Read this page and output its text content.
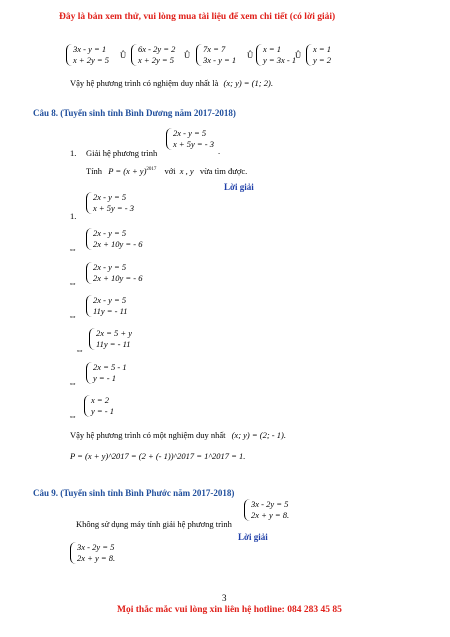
Đây là bản xem thử, vui lòng mua tài liệu để xem chi tiết (có lời giải)
3x - y = 1
x + 2y = 5 Û
6x - 2y = 2
x + 2y = 5 Û
7x = 7
3x - y = 1 Û
x = 1
y = 3x - 1
Û
x = 1
y = 2
Vậy hệ phương trình có nghiệm duy nhất là (x; y) = (1; 2).
Câu 8. (Tuyển sinh tỉnh Bình Dương năm 2017-2018)
1. Giải hệ phương trình
2x - y = 5
x + 5y = - 3
.
Tính $P = (x + y)^{2017}$ với x , y vừa tìm được.
Lời giải
1.
2x - y = 5
x + 5y = - 3
⇔
2x - y = 5
2x + 10y = - 6
⇔
2x - y = 5
2x + 10y = - 6
⇔
2x - y = 5
11y = - 11
⇔
2x = 5 + y
11y = - 11
⇔
2x = 5 - 1
y = - 1
⇔
x = 2
y = - 1
Vậy hệ phương trình có một nghiệm duy nhất (x; y) = (2; - 1).
P = (x + y)^2017 = (2 + (- 1))^2017 = 1^2017 = 1.
Câu 9. (Tuyển sinh tỉnh Bình Phước năm 2017-2018)
Không sử dụng máy tính giải hệ phương trình
3x - 2y = 5
2x + y = 8.
Lời giải
3x - 2y = 5
2x + y = 8.
3
Mọi thắc mắc vui lòng xin liên hệ hotline: 084 283 45 85
